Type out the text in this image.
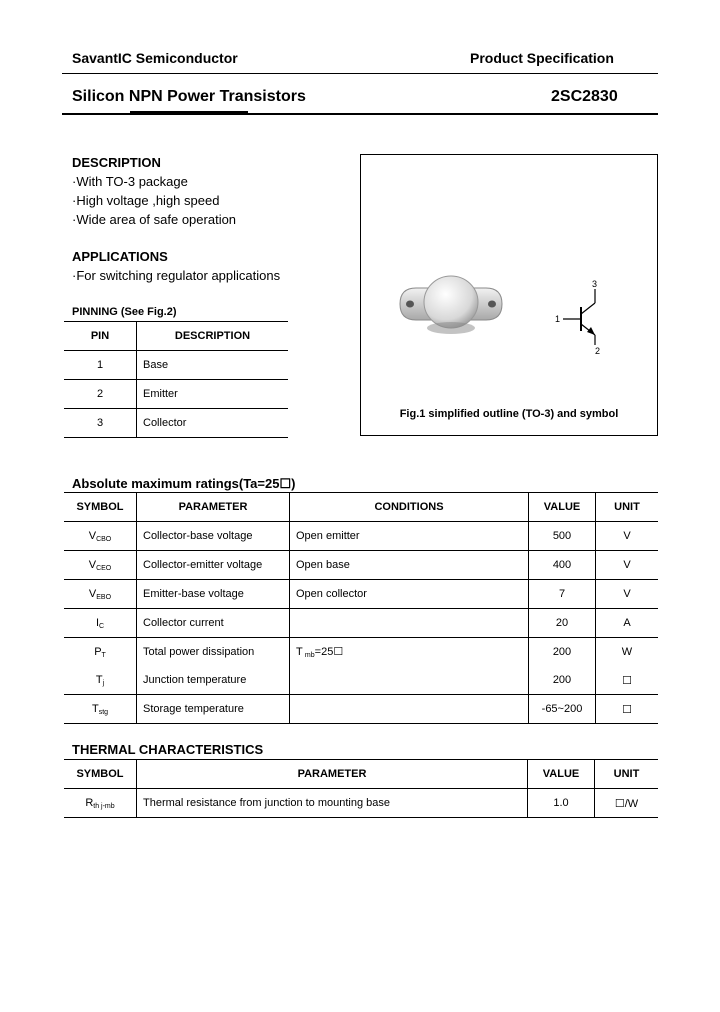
SavantIC Semiconductor	Product Specification
Silicon NPN Power Transistors	2SC2830
DESCRIPTION
·With TO-3 package
·High voltage ,high speed
·Wide area of safe operation
APPLICATIONS
·For switching regulator applications
PINNING (See Fig.2)
PIN	DESCRIPTION
1	Base
2	Emitter
3	Collector
1
2
3
Fig.1 simplified outline (TO-3) and symbol
Absolute maximum ratings(Ta=25☐)
SYMBOL	PARAMETER	CONDITIONS	VALUE	UNIT
$V_{CBO}$	Collector-base voltage	Open emitter	500	V
$V_{CEO}$	Collector-emitter voltage	Open base	400	V
$V_{EBO}$	Emitter-base voltage	Open collector	7	V
$I_C$	Collector current		20	A
$P_T$	Total power dissipation	T $_{mb}$=25☐	200	W
$T_j$	Junction temperature		200	☐
$T_{stg}$	Storage temperature		-65~200	☐
THERMAL CHARACTERISTICS
SYMBOL	PARAMETER	VALUE	UNIT
$R_{th j-mb}$	Thermal resistance from junction to mounting base	1.0	☐/W
